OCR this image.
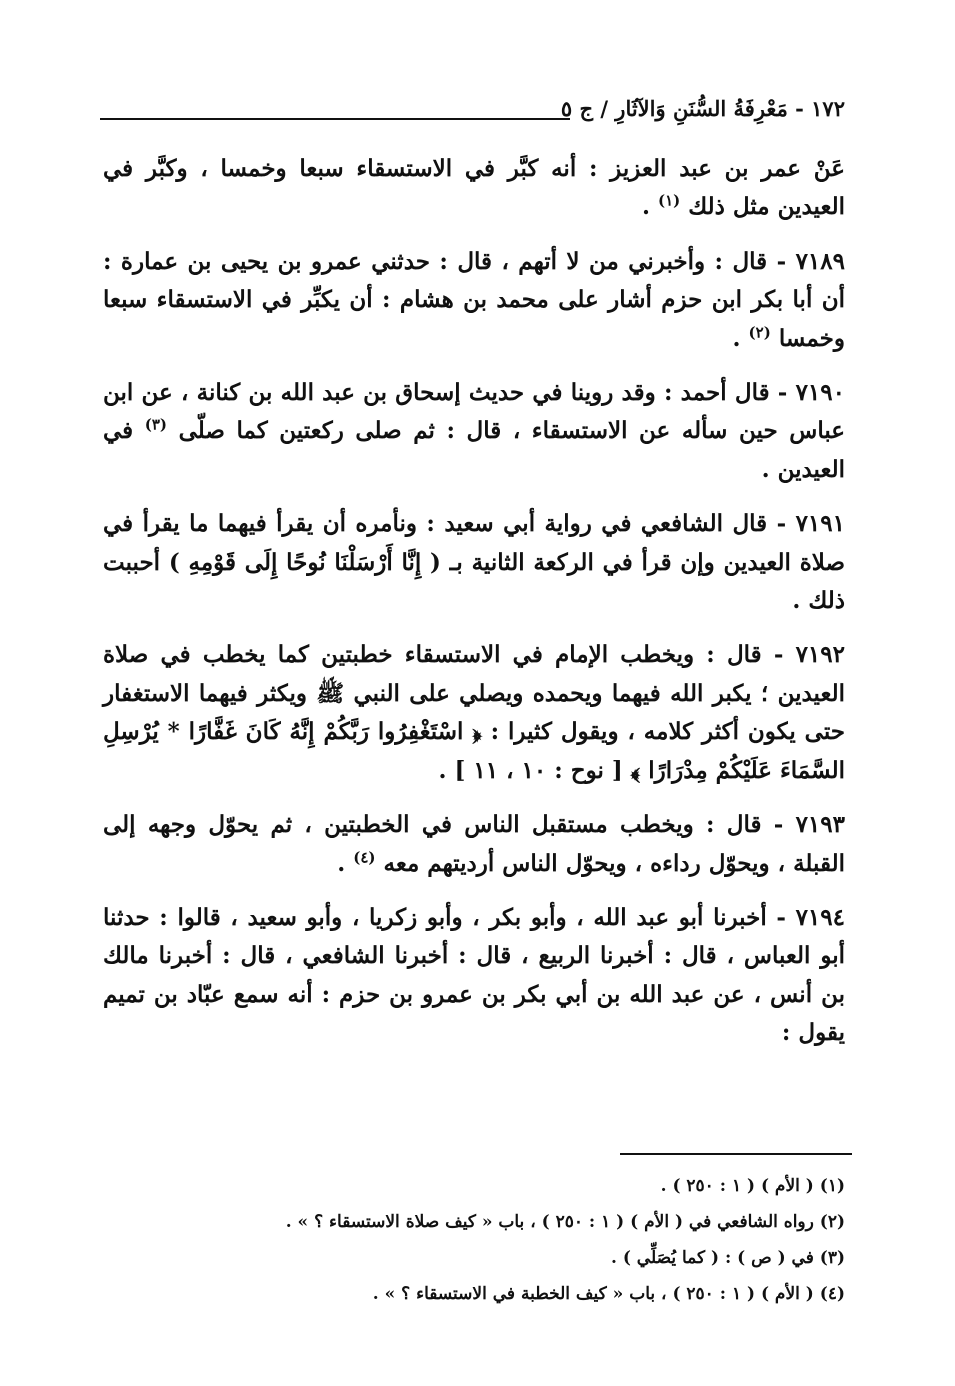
١٧٢ - مَعْرِفَةُ السُّنَنِ وَالآثَارِ / ج ٥

عَنْ عمر بن عبد العزيز : أنه كبَّر في الاستسقاء سبعا وخمسا ، وكبَّر في العيدين مثل ذلك $^{(١)}$ .

٧١٨٩ - قال : وأخبرني من لا أتهم ، قال : حدثني عمرو بن يحيى بن عمارة : أن أبا بكر ابن حزم أشار على محمد بن هشام : أن يكبِّر في الاستسقاء سبعا وخمسا $^{(٢)}$ .

٧١٩٠ - قال أحمد : وقد روينا في حديث إسحاق بن عبد الله بن كنانة ، عن ابن عباس حين سأله عن الاستسقاء ، قال : ثم صلى ركعتين كما صلّى $^{(٣)}$ في العيدين .

٧١٩١ - قال الشافعي في رواية أبي سعيد : ونأمره أن يقرأ فيهما ما يقرأ في صلاة العيدين وإن قرأ في الركعة الثانية بـ ( إِنَّا أَرْسَلْنَا نُوحًا إِلَى قَوْمِهِ ) أحببت ذلك .

٧١٩٢ - قال : ويخطب الإمام في الاستسقاء خطبتين كما يخطب في صلاة العيدين ؛ يكبر الله فيهما ويحمده ويصلي على النبي ﷺ ويكثر فيهما الاستغفار حتى يكون أكثر كلامه ، ويقول كثيرا : ﴿ اسْتَغْفِرُوا رَبَّكُمْ إِنَّهُ كَانَ غَفَّارًا * يُرْسِلِ السَّمَاءَ عَلَيْكُمْ مِدْرَارًا ﴾ [ نوح : ١٠ ، ١١ ] .

٧١٩٣ - قال : ويخطب مستقبل الناس في الخطبتين ، ثم يحوّل وجهه إلى القبلة ، ويحوّل رداءه ، ويحوّل الناس أرديتهم معه $^{(٤)}$ .

٧١٩٤ - أخبرنا أبو عبد الله ، وأبو بكر ، وأبو زكريا ، وأبو سعيد ، قالوا : حدثنا أبو العباس ، قال : أخبرنا الربيع ، قال : أخبرنا الشافعي ، قال : أخبرنا مالك بن أنس ، عن عبد الله بن أبي بكر بن عمرو بن حزم : أنه سمع عبّاد بن تميم يقول :

(١) ( الأم ) ( ١ : ٢٥٠ ) .

(٢) رواه الشافعي في ( الأم ) ( ١ : ٢٥٠ ) ، باب « كيف صلاة الاستسقاء ؟ » .

(٣) في ( ص ) : ( كما يُصَلِّي ) .

(٤) ( الأم ) ( ١ : ٢٥٠ ) ، باب « كيف الخطبة في الاستسقاء ؟ » .
